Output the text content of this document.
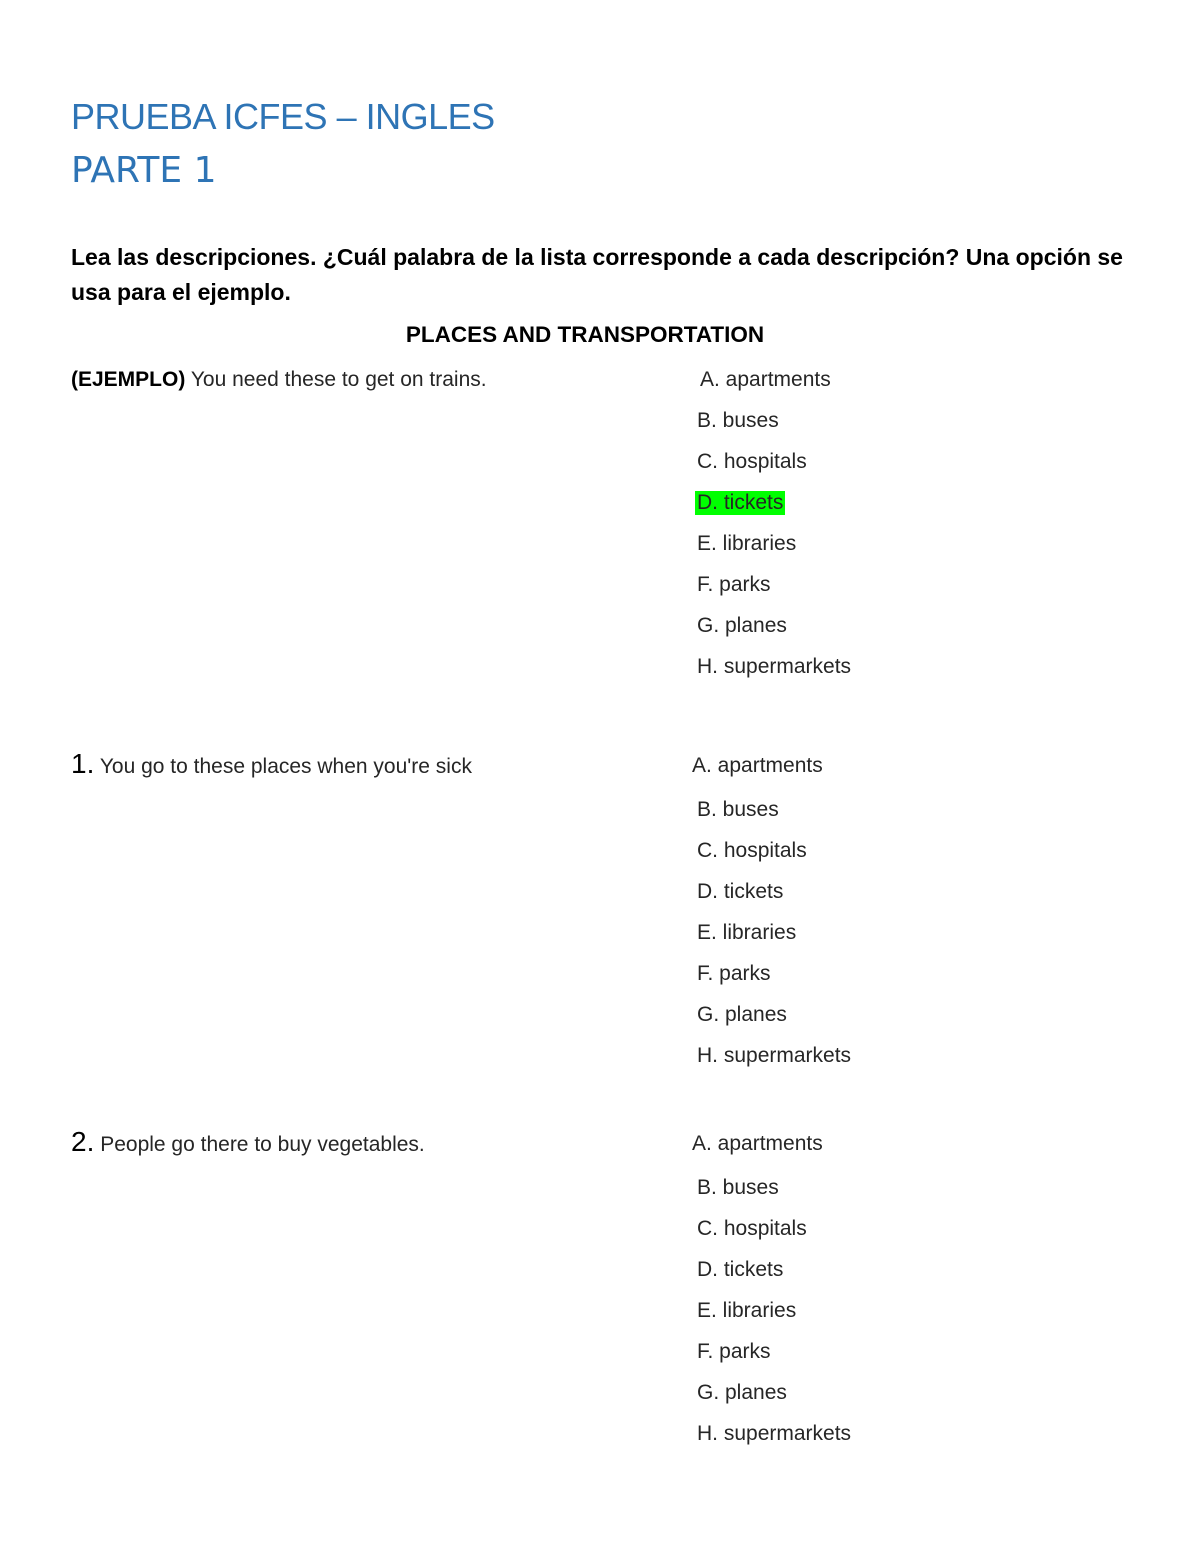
PRUEBA ICFES – INGLES
PARTE 1
Lea las descripciones. ¿Cuál palabra de la lista corresponde a cada descripción? Una opción se usa para el ejemplo.
PLACES AND TRANSPORTATION
(EJEMPLO) You need these to get on trains.	A. apartments
B. buses
C. hospitals
D. tickets
E. libraries
F. parks
G. planes
H. supermarkets
1. You go to these places when you're sick	A. apartments
B. buses
C. hospitals
D. tickets
E. libraries
F. parks
G. planes
H. supermarkets
2. People go there to buy vegetables.	A. apartments
B. buses
C. hospitals
D. tickets
E. libraries
F. parks
G. planes
H. supermarkets
